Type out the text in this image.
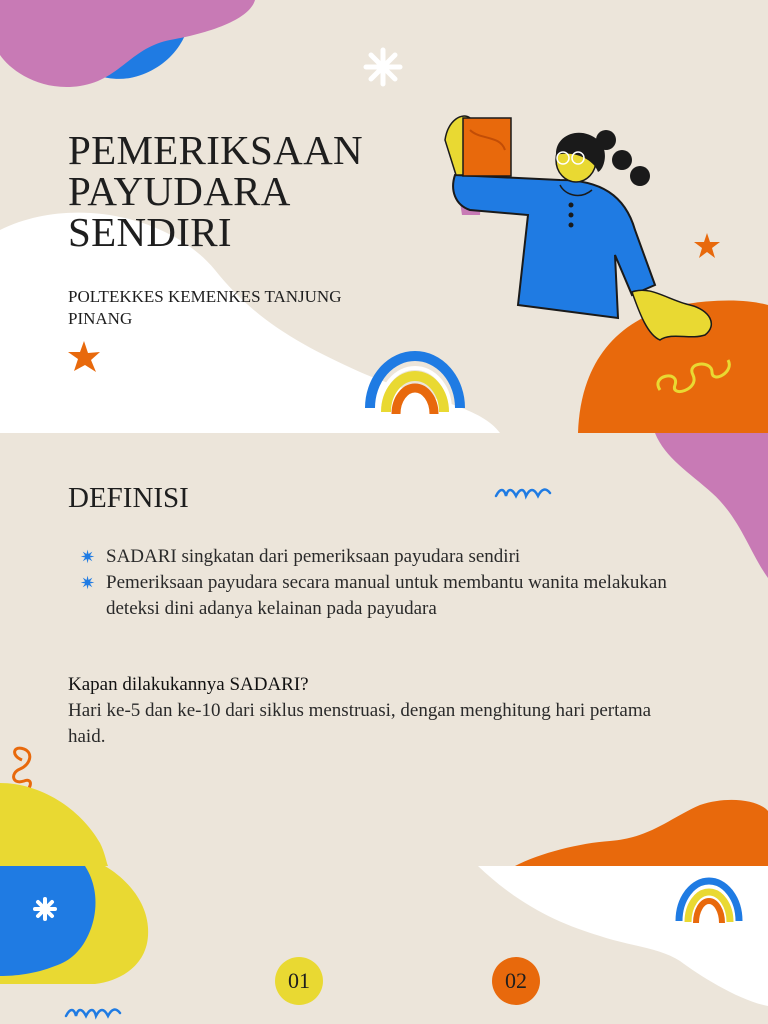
PEMERIKSAAN
PAYUDARA
SENDIRI

POLTEKKES KEMENKES TANJUNG PINANG

DEFINISI
✷ SADARI singkatan dari pemeriksaan payudara sendiri
✷ Pemeriksaan payudara secara manual untuk membantu wanita melakukan deteksi dini adanya kelainan pada payudara
Kapan dilakukannya SADARI?
Hari ke-5 dan ke-10 dari siklus menstruasi, dengan menghitung hari pertama haid.
01	02
